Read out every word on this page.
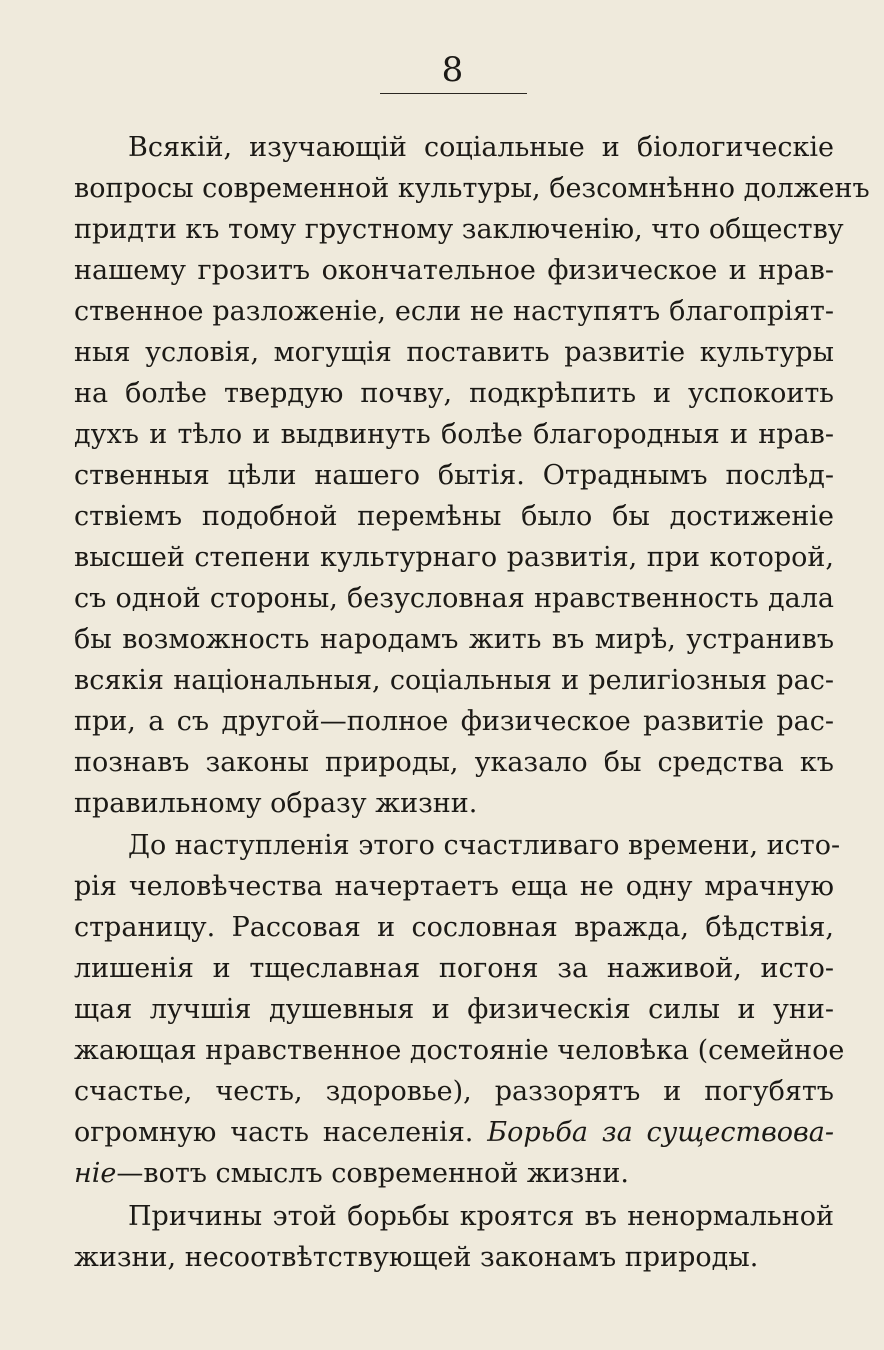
8
Всякій, изучающій соціальные и біологическіе
вопросы современной культуры, безсомнѣнно долженъ
придти къ тому грустному заключенію, что обществу
нашему грозитъ окончательное физическое и нрав-
ственное разложеніе, если не наступятъ благопріят-
ныя условія, могущія поставить развитіе культуры
на болѣе твердую почву, подкрѣпить и успокоить
духъ и тѣло и выдвинуть болѣе благородныя и нрав-
ственныя цѣли нашего бытія. Отраднымъ послѣд-
ствіемъ подобной перемѣны было бы достиженіе
высшей степени культурнаго развитія, при которой,
съ одной стороны, безусловная нравственность дала
бы возможность народамъ жить въ мирѣ, устранивъ
всякія національныя, соціальныя и религіозныя рас-
при, а съ другой—полное физическое развитіе рас-
познавъ законы природы, указало бы средства къ
правильному образу жизни.
До наступленія этого счастливаго времени, исто-
рія человѣчества начертаетъ еща не одну мрачную
страницу. Рассовая и сословная вражда, бѣдствія,
лишенія и тщеславная погоня за наживой, исто-
щая лучшія душевныя и физическія силы и уни-
жающая нравственное достояніе человѣка (семейное
счастье, честь, здоровье), раззорятъ и погубятъ
огромную часть населенія. Борьба за существова-
ніе—вотъ смыслъ современной жизни.
Причины этой борьбы кроятся въ ненормальной
жизни, несоотвѣтствующей законамъ природы.
